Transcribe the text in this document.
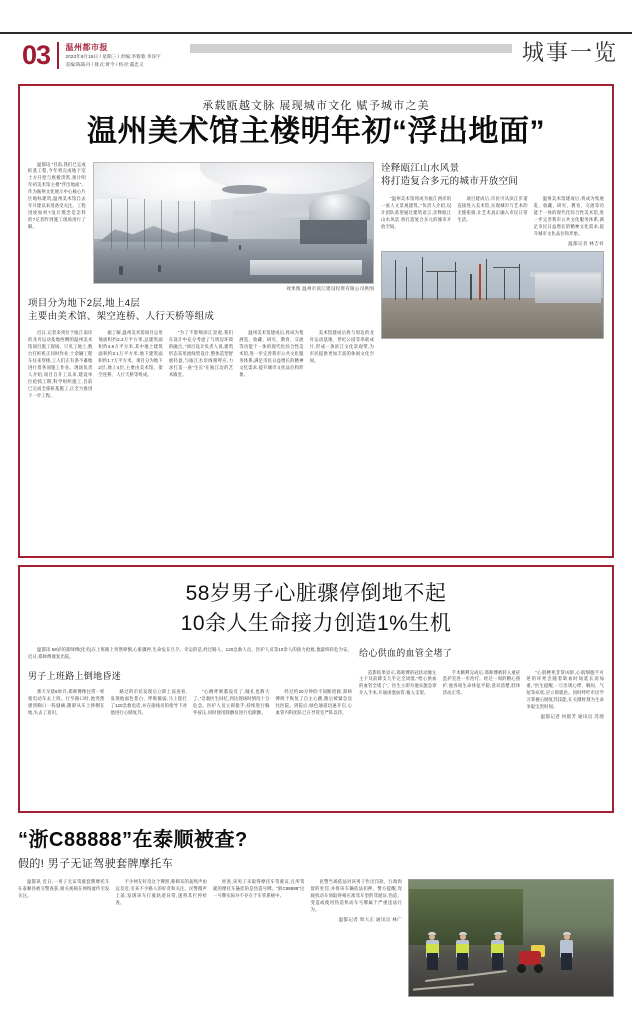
03	温州都市报
2023年8月18日 / 星期三 / 责编:李蓉蓉 李泽宇
美编:陈陈丹 / 排式:黄今 / 校对:董忠义	城事一览
承载瓯越文脉 展现城市文化 赋予城市之美
温州美术馆主楼明年初“浮出地面”
温都讯 “目前,我们已完成桩基工程,今年将完成地下室土方开挖与底板浇筑,预计明年初美术馆主楼“浮出地面”。作为瓯州文化展示中心核心片区地标建筑,温州美术馆自去年开建以来进备受关注。工程进度如何?设计理念是怎样的?记者昨到施工现场进行了解。
效果图 温州市滨江建设投资有限公司供图
项目分为地下2层,地上4层
主要由美术馆、架空连桥、人行天桥等组成
近日,记者来到位于瓯江南岸的龙舟运动基地西侧的温州美术馆项目施工现场。只见工地上,数台打桩机正同时作业,十余辆工程车往来穿梭,工人们正有条不紊地进行着各项施工作业。现场负责人介绍,项目自开工以来,建设单位抢抓工期,科学组织施工,目前已完成全部桩基施工,正全力推进下一步工程。
据了解,温州美术馆项目总用地面积约2.2万平方米,总建筑面积约4.8万平方米,其中地上建筑面积约3.1万平方米,地下建筑面积约1.7万平方米。项目分为地下2层,地上4层,主要由美术馆、架空连桥、人行天桥等组成。
“为了不影响滨江景观,我们在设计中充分考虑了与周边环境的融合。”项目设计负责人说,建筑形态采用流线型设计,整体造型舒展轻盈,与瓯江水岸线相呼应,力求打造一座“生长”在瓯江边的艺术殿堂。
温州美术馆建成后,将成为集展览、收藏、研究、教育、交流等功能于一体的现代化综合性美术馆,进一步完善我市公共文化服务体系,满足市民日益增长的精神文化需求,提升城市文化品位和形象。
美术馆建成后将与周边的龙舟运动基地、世纪公园等串联成片,形成一条滨江文化景观带,为市民提供更加丰富的休闲文化空间。
诠释瓯江山水风景
将打造复合多元的城市开放空间
“温州美术馆将成为瓯江两岸的一座人文景观建筑。”负责人介绍,设计团队希望通过建筑语言,诠释瓯江山水风景,将打造复合多元的城市开放空间。
项目建成后,市民可从滨江步道直接进入美术馆,实现城市与艺术的无缝衔接,让艺术真正融入市民日常生活。
温州美术馆建成后,将成为集展览、收藏、研究、教育、交流等功能于一体的现代化综合性美术馆,进一步完善我市公共文化服务体系,满足市民日益增长的精神文化需求,提升城市文化品位和形象。
温都记者 林吉祥
58岁男子心脏骤停倒地不起
10余人生命接力创造1%生机
温都讯 58岁的郑师傅(化名)在上班路上突然晕倒,心脏骤停,生命危在旦夕。幸运的是,经过路人、120急救人员、医护人员等10余人的接力抢救,他最终转危为安。近日,郑师傅康复出院。	给心供血的血管全堵了
男子上班路上倒地昏迷
那天早晨6时许,郑师傅像往常一样骑电动车去上班。行至路口时,他突然感到胸口一阵剧痛,随即从车上摔倒在地,失去了意识。
路过的市民发现后立即上前查看,发现他面色苍白、呼吸微弱,马上拨打了120急救电话,并在接线员的指导下对他进行心肺复苏。
“心跳呼吸都没有了,瞳孔也散大了。”急救医生回忆,到达现场时情况十分危急。医护人员立即接手,持续进行胸外按压,同时使用除颤仪进行电除颤。
经过约20分钟的不间断抢救,郑师傅终于恢复了自主心跳,随后被紧急送往医院。到院后,绿色通道迅速开启,心血管内科团队已在导管室严阵以待。
造影结果显示,郑师傅的冠状动脉左主干及前降支几乎完全闭塞,“给心供血的血管全堵了”。医生立即为他实施急诊介入手术,开通闭塞血管,植入支架。
手术顺利完成后,郑师傅被转入重症监护室进一步治疗。经过一周的精心照护,他各项生命体征平稳,意识清楚,肢体活动正常。
“心肌梗死非常凶险,心肌细胞不可逆的坏死会随着缺血时间延长而加重。”医生提醒,一旦出现心悸、胸闷、气短等症状,应立即就医。同时呼吁市民学习掌握心肺复苏技能,在关键时刻为生命争取宝贵时间。
温都记者 何群芳 通讯员 苏现
“浙C88888”在泰顺被查?
假的! 男子无证驾驶套牌摩托车
温都讯 近日,一男子无证驾驶套牌摩托车在泰顺县被交警查获,相关视频在网络流传引发关注。
不少网友好奇这个牌照,称刺耳的轰鸣声由远及近,引来不少路人的好奇和关注。民警循声上前,发现该车行驶轨迹异常,遂将其拦停检查。
经查,该男子未取得摩托车驾驶证,且所驾驶的摩托车悬挂的是伪造号牌。“浙C88888”这一号牌实际并不存在于车管系统中。
民警当场依法对该男子作出罚款、行政拘留的处罚,并将该车辆依法扣押。警方提醒,驾驶机动车须取得相应准驾车型的驾驶证,伪造、变造或使用伪造机动车号牌属于严重违法行为。
温都记者 周大正 通讯员 林广
